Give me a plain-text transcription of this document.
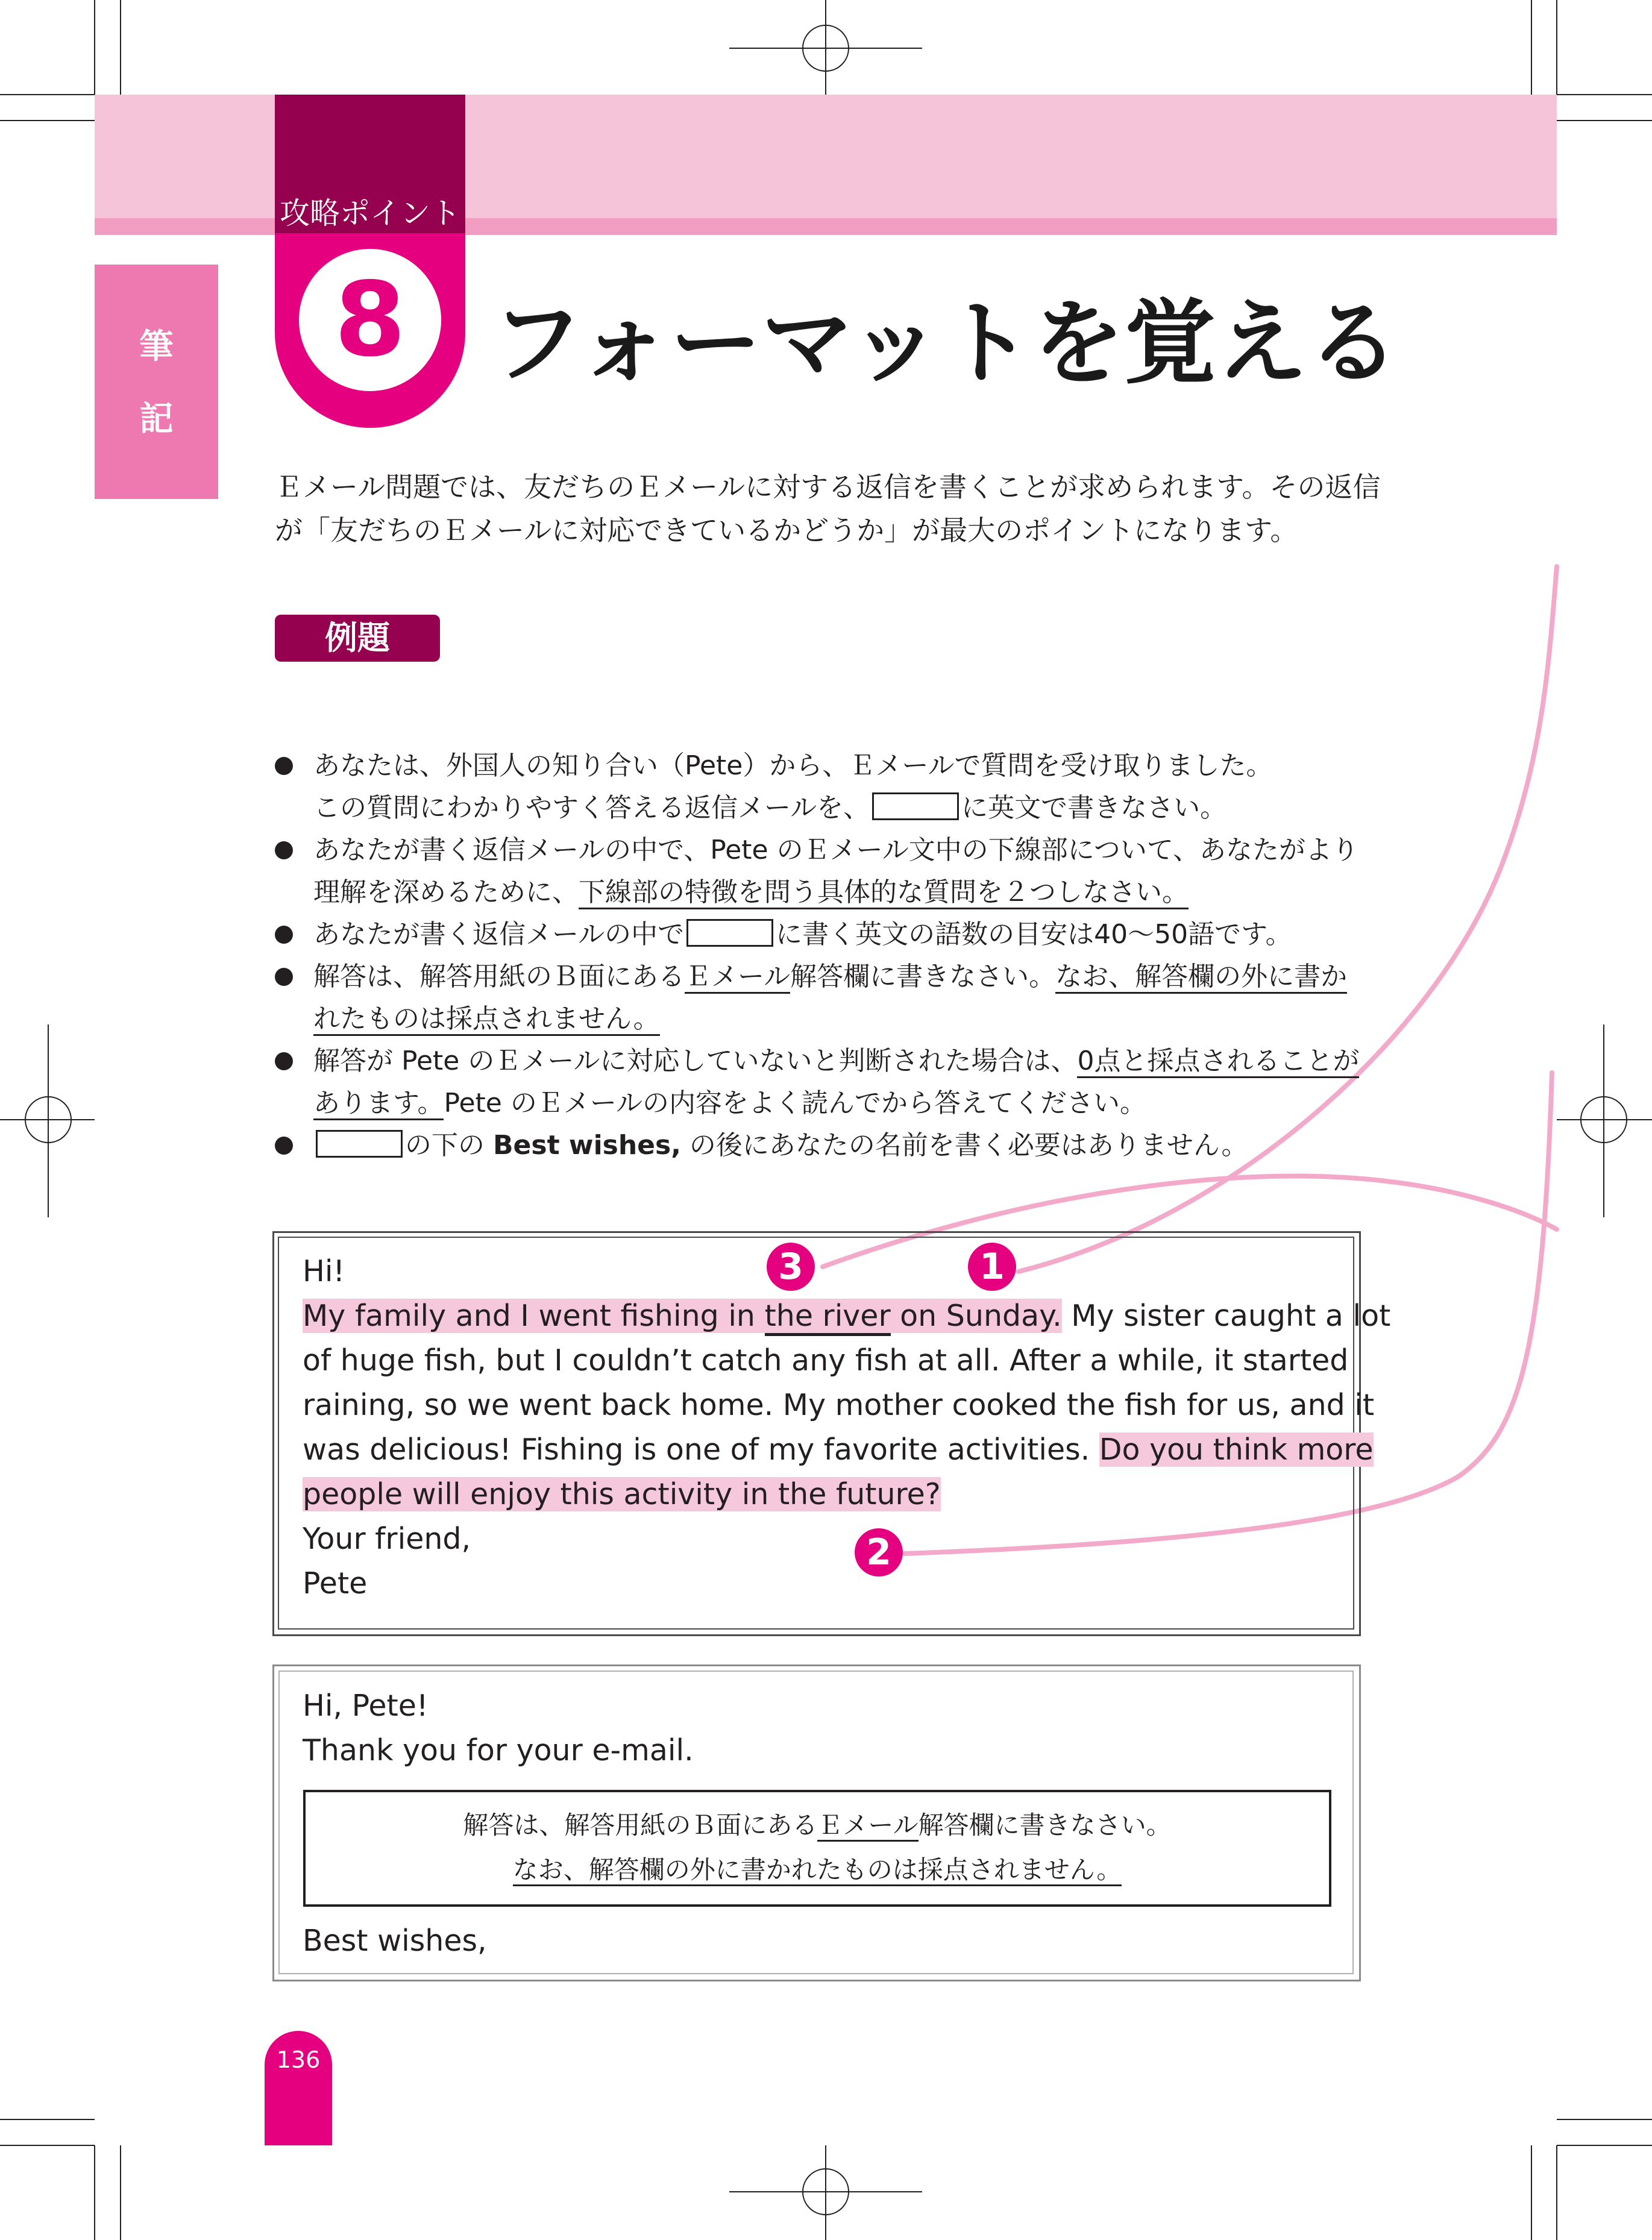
攻略ポイント
8 フォーマットを覚える
筆
記
Ｅメール問題では、友だちのＥメールに対する返信を書くことが求められます。その返信
が「友だちのＥメールに対応できているかどうか」が最大のポイントになります。
例題
あなたは、外国人の知り合い（Pete）から、Ｅメールで質問を受け取りました。
この質問にわかりやすく答える返信メールを、	に英文で書きなさい。
あなたが書く返信メールの中で、Pete のＥメール文中の下線部について、あなたがより
理解を深めるために、下線部の特徴を問う具体的な質問を２つしなさい。
あなたが書く返信メールの中で	に書く英文の語数の目安は40～50語です。
解答は、解答用紙のＢ面にあるＥメール解答欄に書きなさい。なお、解答欄の外に書か
れたものは採点されません。
解答が Pete のＥメールに対応していないと判断された場合は、0点と採点されることが
あります。Pete のＥメールの内容をよく読んでから答えてください。
の下の Best wishes, の後にあなたの名前を書く必要はありません。
Hi!
My family and I went fishing in the river on Sunday. My sister caught a lot
of huge fish, but I couldn’t catch any fish at all. After a while, it started
raining, so we went back home. My mother cooked the fish for us, and it
was delicious! Fishing is one of my favorite activities. Do you think more
people will enjoy this activity in the future?
Your friend,
Pete
1
2
3
Hi, Pete!
Thank you for your e-mail.
解答は、解答用紙のＢ面にあるＥメール解答欄に書きなさい。
なお、解答欄の外に書かれたものは採点されません。
Best wishes,
136
